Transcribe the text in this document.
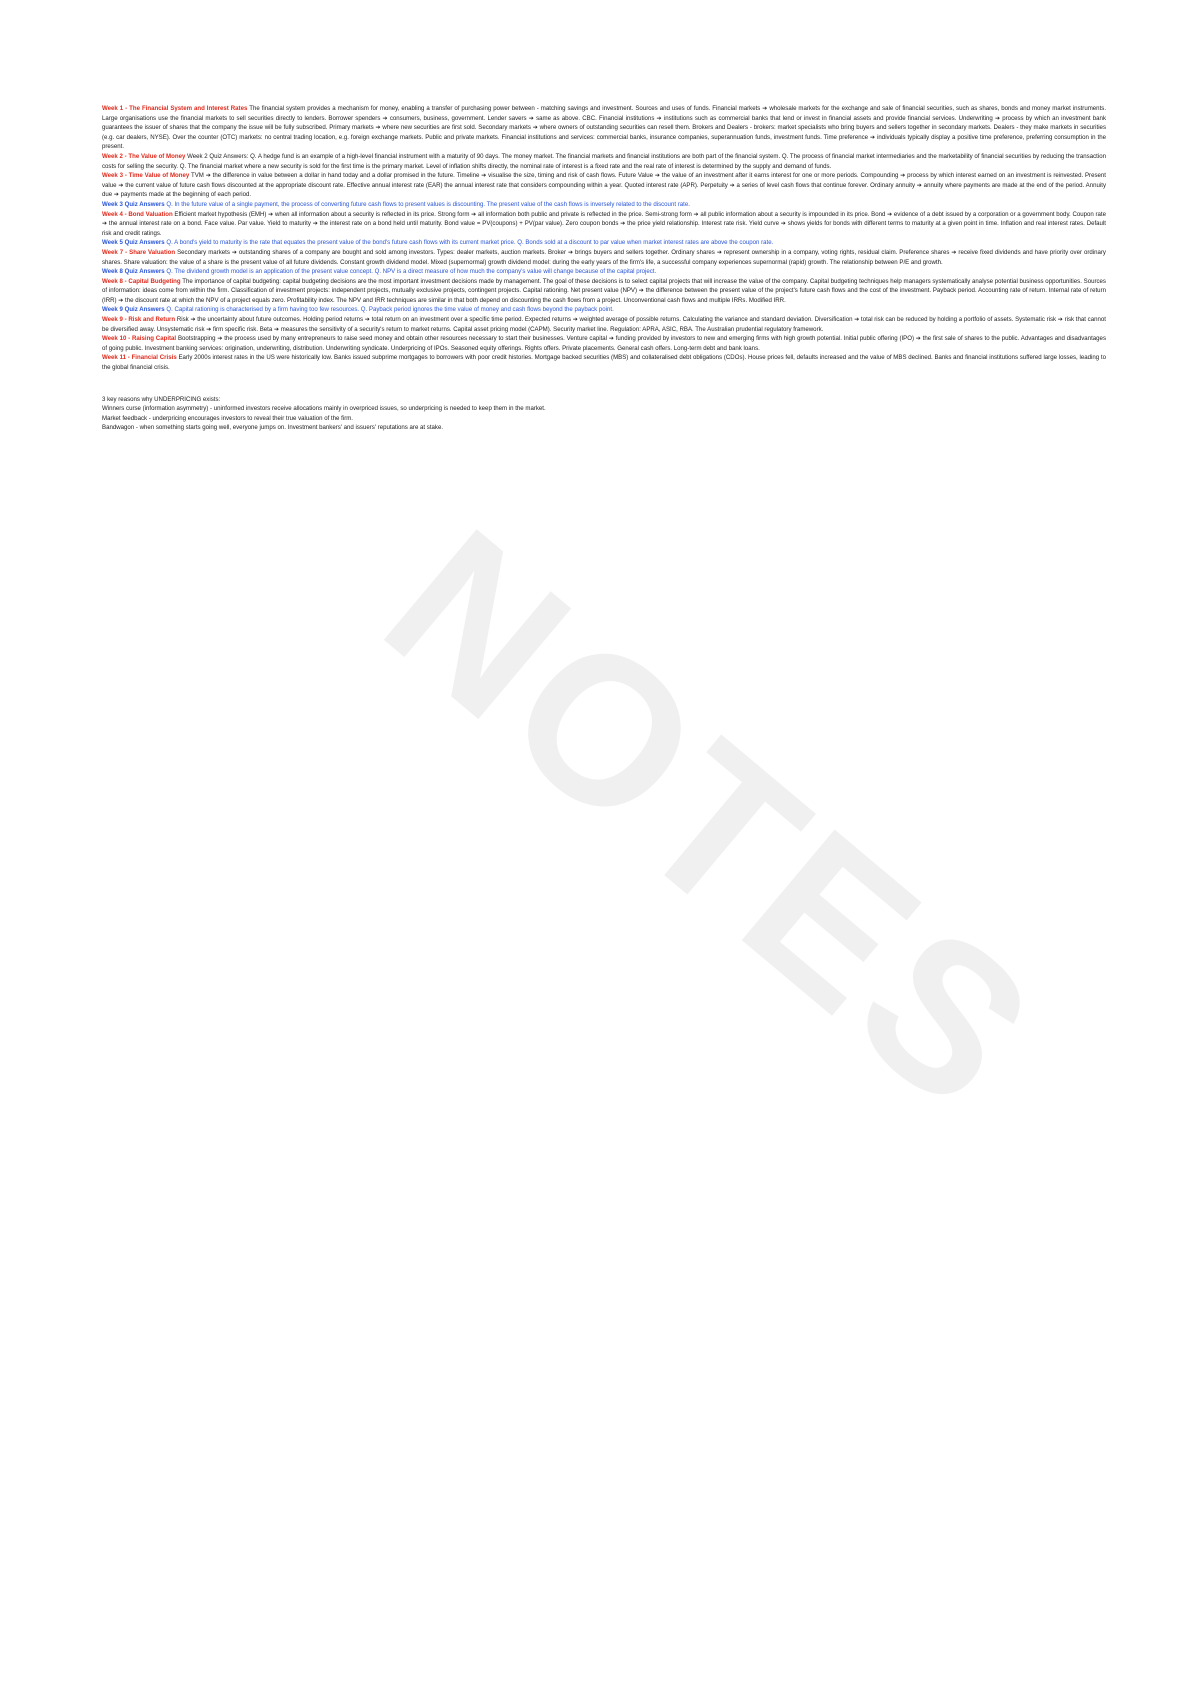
NOTES

Week 1 - The Financial System and Interest Rates The financial system provides a mechanism for money, enabling a transfer of purchasing power between - matching savings and investment. Sources and uses of funds. Financial markets ➔ wholesale markets for the exchange and sale of financial securities, such as shares, bonds and money market instruments. Large organisations use the financial markets to sell securities directly to lenders. Borrower spenders ➔ consumers, business, government. Lender savers ➔ same as above. CBC. Financial institutions ➔ institutions such as commercial banks that lend or invest in financial assets and provide financial services. Underwriting ➔ process by which an investment bank guarantees the issuer of shares that the company the issue will be fully subscribed. Primary markets ➔ where new securities are first sold. Secondary markets ➔ where owners of outstanding securities can resell them. Brokers and Dealers - brokers: market specialists who bring buyers and sellers together in secondary markets. Dealers - they make markets in securities (e.g. car dealers, NYSE). Over the counter (OTC) markets: no central trading location, e.g. foreign exchange markets. Public and private markets. Financial institutions and services: commercial banks, insurance companies, superannuation funds, investment funds. Time preference ➔ individuals typically display a positive time preference, preferring consumption in the present.

Week 2 - The Value of Money Week 2 Quiz Answers: Q. A hedge fund is an example of a high-level financial instrument with a maturity of 90 days. The money market. The financial markets and financial institutions are both part of the financial system. Q. The process of financial market intermediaries and the marketability of financial securities by reducing the transaction costs for selling the security. Q. The financial market where a new security is sold for the first time is the primary market. Level of inflation shifts directly, the nominal rate of interest is a fixed rate and the real rate of interest is determined by the supply and demand of funds.

Week 3 - Time Value of Money TVM ➔ the difference in value between a dollar in hand today and a dollar promised in the future. Timeline ➔ visualise the size, timing and risk of cash flows. Future Value ➔ the value of an investment after it earns interest for one or more periods. Compounding ➔ process by which interest earned on an investment is reinvested. Present value ➔ the current value of future cash flows discounted at the appropriate discount rate. Effective annual interest rate (EAR) the annual interest rate that considers compounding within a year. Quoted interest rate (APR). Perpetuity ➔ a series of level cash flows that continue forever. Ordinary annuity ➔ annuity where payments are made at the end of the period. Annuity due ➔ payments made at the beginning of each period.

Week 3 Quiz Answers Q. In the future value of a single payment, the process of converting future cash flows to present values is discounting. The present value of the cash flows is inversely related to the discount rate.

Week 4 - Bond Valuation Efficient market hypothesis (EMH) ➔ when all information about a security is reflected in its price. Strong form ➔ all information both public and private is reflected in the price. Semi-strong form ➔ all public information about a security is impounded in its price. Bond ➔ evidence of a debt issued by a corporation or a government body. Coupon rate ➔ the annual interest rate on a bond. Face value. Par value. Yield to maturity ➔ the interest rate on a bond held until maturity. Bond value = PV(coupons) + PV(par value). Zero coupon bonds ➔ the price yield relationship. Interest rate risk. Yield curve ➔ shows yields for bonds with different terms to maturity at a given point in time. Inflation and real interest rates. Default risk and credit ratings.

Week 5 Quiz Answers Q. A bond's yield to maturity is the rate that equates the present value of the bond's future cash flows with its current market price. Q. Bonds sold at a discount to par value when market interest rates are above the coupon rate.

Week 7 - Share Valuation Secondary markets ➔ outstanding shares of a company are bought and sold among investors. Types: dealer markets, auction markets. Broker ➔ brings buyers and sellers together. Ordinary shares ➔ represent ownership in a company, voting rights, residual claim. Preference shares ➔ receive fixed dividends and have priority over ordinary shares. Share valuation: the value of a share is the present value of all future dividends. Constant growth dividend model. Mixed (supernormal) growth dividend model: during the early years of the firm's life, a successful company experiences supernormal (rapid) growth. The relationship between P/E and growth.

Week 8 Quiz Answers Q. The dividend growth model is an application of the present value concept. Q. NPV is a direct measure of how much the company's value will change because of the capital project.

Week 8 - Capital Budgeting The importance of capital budgeting: capital budgeting decisions are the most important investment decisions made by management. The goal of these decisions is to select capital projects that will increase the value of the company. Capital budgeting techniques help managers systematically analyse potential business opportunities. Sources of information: ideas come from within the firm. Classification of investment projects: independent projects, mutually exclusive projects, contingent projects. Capital rationing. Net present value (NPV) ➔ the difference between the present value of the project's future cash flows and the cost of the investment. Payback period. Accounting rate of return. Internal rate of return (IRR) ➔ the discount rate at which the NPV of a project equals zero. Profitability index. The NPV and IRR techniques are similar in that both depend on discounting the cash flows from a project. Unconventional cash flows and multiple IRRs. Modified IRR.

Week 9 Quiz Answers Q. Capital rationing is characterised by a firm having too few resources. Q. Payback period ignores the time value of money and cash flows beyond the payback point.

Week 9 - Risk and Return Risk ➔ the uncertainty about future outcomes. Holding period returns ➔ total return on an investment over a specific time period. Expected returns ➔ weighted average of possible returns. Calculating the variance and standard deviation. Diversification ➔ total risk can be reduced by holding a portfolio of assets. Systematic risk ➔ risk that cannot be diversified away. Unsystematic risk ➔ firm specific risk. Beta ➔ measures the sensitivity of a security's return to market returns. Capital asset pricing model (CAPM). Security market line. Regulation: APRA, ASIC, RBA. The Australian prudential regulatory framework.

Week 10 - Raising Capital Bootstrapping ➔ the process used by many entrepreneurs to raise seed money and obtain other resources necessary to start their businesses. Venture capital ➔ funding provided by investors to new and emerging firms with high growth potential. Initial public offering (IPO) ➔ the first sale of shares to the public. Advantages and disadvantages of going public. Investment banking services: origination, underwriting, distribution. Underwriting syndicate. Underpricing of IPOs. Seasoned equity offerings. Rights offers. Private placements. General cash offers. Long-term debt and bank loans.

Week 11 - Financial Crisis Early 2000s interest rates in the US were historically low. Banks issued subprime mortgages to borrowers with poor credit histories. Mortgage backed securities (MBS) and collateralised debt obligations (CDOs). House prices fell, defaults increased and the value of MBS declined. Banks and financial institutions suffered large losses, leading to the global financial crisis.

3 key reasons why UNDERPRICING exists:

Winners curse (information asymmetry) - uninformed investors receive allocations mainly in overpriced issues, so underpricing is needed to keep them in the market.

Market feedback - underpricing encourages investors to reveal their true valuation of the firm.

Bandwagon - when something starts going well, everyone jumps on. Investment bankers' and issuers' reputations are at stake.
